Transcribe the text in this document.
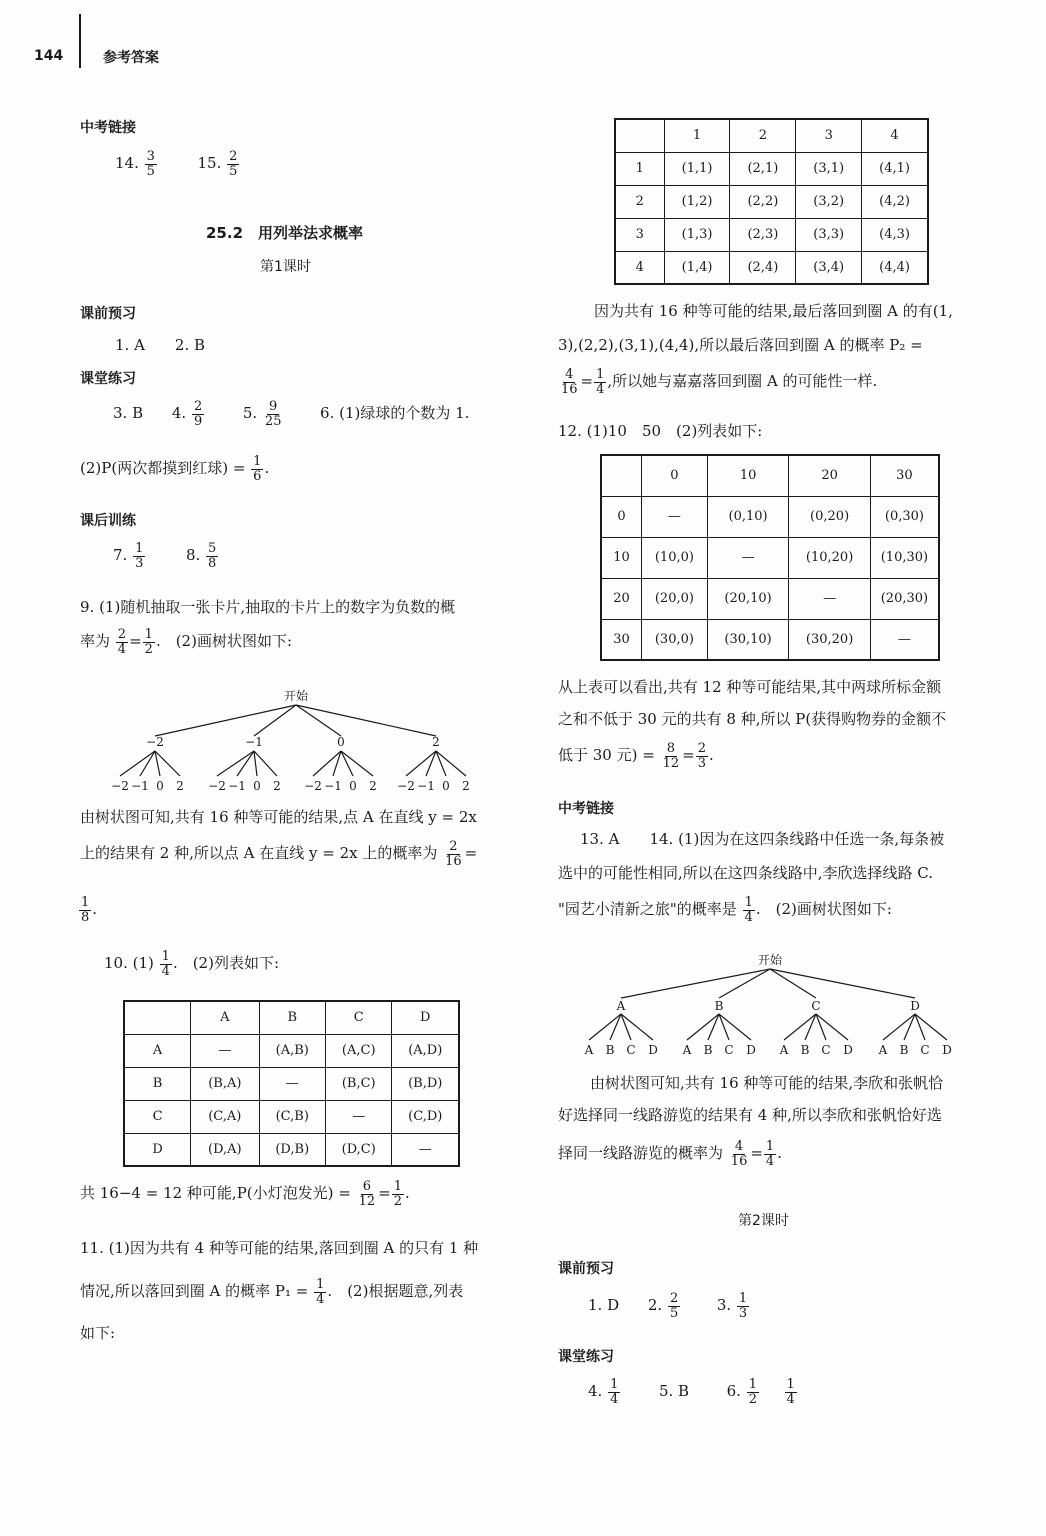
144	参考答案
中考链接
14. $\frac{3}{5}$	15. $\frac{2}{5}$
25.2　用列举法求概率
第1课时
课前预习
1. A　　2. B
课堂练习
3. B 4. $\frac{2}{9}$	5. $\frac{9}{25} 6$. (1)绿球的个数为 1.
(2)P(两次都摸到红球) = $\frac{1}{6}$ .
课后训练
7. $\frac{1}{3}$	8. $\frac{5}{8}$
9. (1)随机抽取一张卡片,抽取的卡片上的数字为负数的概
率为 $\frac{2}{4} = \frac{1}{2}$ .　(2)画树状图如下:
开始
−2	−1	0	2
−2 −1 0 2 −2 −1 0 2 −2 −1 0 2 −2 −1 0 2
由树状图可知,共有 16 种等可能的结果,点 A 在直线 y = 2x
上的结果有 2 种,所以点 A 在直线 y = 2x 上的概率为 $\frac{2}{16}$ =
$\frac{1}{8}$ .
10. $(1) \frac{1}{4}$ .　(2)列表如下:
	A	B	C	D
A	—	(A,B)	(A,C)	(A,D)
B	(B,A)	—	(B,C)	(B,D)
C	(C,A)	(C,B)	—	(C,D)
D	(D,A)	(D,B)	(D,C)	—
共 16−4 = 12 种可能,P(小灯泡发光) = $\frac{6}{12} = \frac{1}{2}$ .
11. (1)因为共有 4 种等可能的结果,落回到圈 A 的只有 1 种
情况,所以落回到圈 A 的概率 $P_1 = \frac{1}{4}$ .　(2)根据题意,列表
如下:
	1	2	3	4
1	(1,1)	(2,1)	(3,1)	(4,1)
2	(1,2)	(2,2)	(3,2)	(4,2)
3	(1,3)	(2,3)	(3,3)	(4,3)
4	(1,4)	(2,4)	(3,4)	(4,4)
因为共有 16 种等可能的结果,最后落回到圈 A 的有(1,
3),(2,2),(3,1),(4,4),所以最后落回到圈 A 的概率 P₂ =
$\frac{4}{16} = \frac{1}{4}$ ,所以她与嘉嘉落回到圈 A 的可能性一样.
12. (1)10　50　(2)列表如下:
	0	10	20	30
0	—	(0,10)	(0,20)	(0,30)
10	(10,0)	—	(10,20)	(10,30)
20	(20,0)	(20,10)	—	(20,30)
30	(30,0)	(30,10)	(30,20)	—
从上表可以看出,共有 12 种等可能结果,其中两球所标金额
之和不低于 30 元的共有 8 种,所以 P(获得购物券的金额不
低于 30 元) = $\frac{8}{12} = \frac{2}{3}$ .
中考链接
13. A　　14. (1)因为在这四条线路中任选一条,每条被
选中的可能性相同,所以在这四条线路中,李欣选择线路 C.
"园艺小清新之旅"的概率是 $\frac{1}{4}$ .　(2)画树状图如下:
开始
A	B	C	D
A B C D A B C D A B C D A B C D
由树状图可知,共有 16 种等可能的结果,李欣和张帆恰
好选择同一线路游览的结果有 4 种,所以李欣和张帆恰好选
择同一线路游览的概率为 $\frac{4}{16} = \frac{1}{4}$ .
第2课时
课前预习
1. D 2. $\frac{2}{5} 3$. $\frac{1}{3}$
课堂练习
4. $\frac{1}{4}$	5. B	6. $\frac{1}{2}$
$\frac{1}{4}$
